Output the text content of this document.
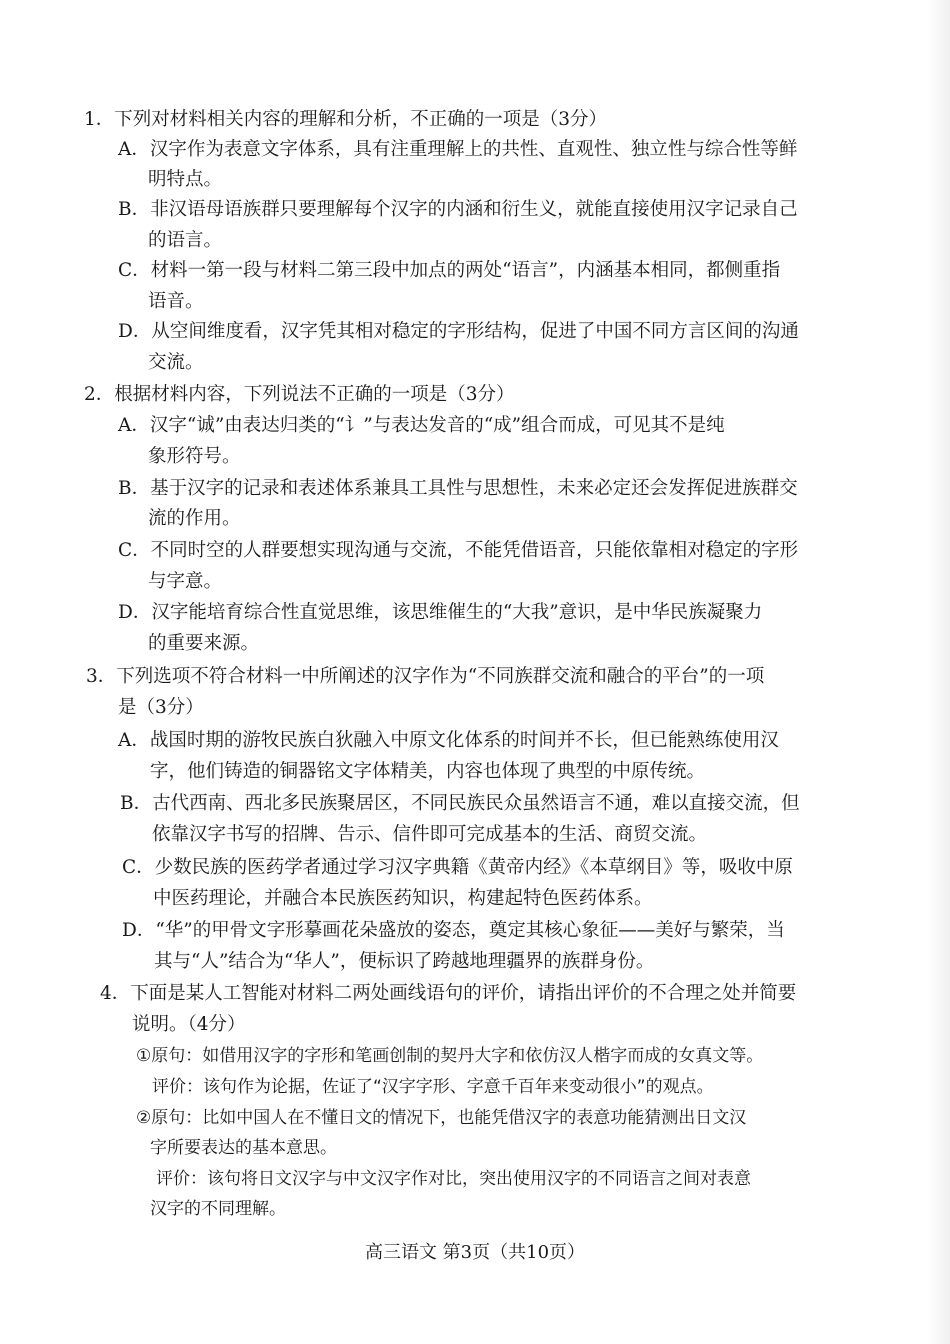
1．下列对材料相关内容的理解和分析，不正确的一项是（3分）
A．汉字作为表意文字体系，具有注重理解上的共性、直观性、独立性与综合性等鲜
明特点。
B．非汉语母语族群只要理解每个汉字的内涵和衍生义，就能直接使用汉字记录自己
的语言。
C．材料一第一段与材料二第三段中加点的两处“语言”，内涵基本相同，都侧重指
语音。
D．从空间维度看，汉字凭其相对稳定的字形结构，促进了中国不同方言区间的沟通
交流。
2．根据材料内容，下列说法不正确的一项是（3分）
A．汉字“诚”由表达归类的“讠”与表达发音的“成”组合而成，可见其不是纯
象形符号。
B．基于汉字的记录和表述体系兼具工具性与思想性，未来必定还会发挥促进族群交
流的作用。
C．不同时空的人群要想实现沟通与交流，不能凭借语音，只能依靠相对稳定的字形
与字意。
D．汉字能培育综合性直觉思维，该思维催生的“大我”意识，是中华民族凝聚力
的重要来源。
3．下列选项不符合材料一中所阐述的汉字作为“不同族群交流和融合的平台”的一项
是（3分）
A．战国时期的游牧民族白狄融入中原文化体系的时间并不长，但已能熟练使用汉
字，他们铸造的铜器铭文字体精美，内容也体现了典型的中原传统。
B．古代西南、西北多民族聚居区，不同民族民众虽然语言不通，难以直接交流，但
依靠汉字书写的招牌、告示、信件即可完成基本的生活、商贸交流。
C．少数民族的医药学者通过学习汉字典籍《黄帝内经》《本草纲目》等，吸收中原
中医药理论，并融合本民族医药知识，构建起特色医药体系。
D．“华”的甲骨文字形摹画花朵盛放的姿态，奠定其核心象征——美好与繁荣，当
其与“人”结合为“华人”，便标识了跨越地理疆界的族群身份。
4．下面是某人工智能对材料二两处画线语句的评价，请指出评价的不合理之处并简要
说明。（4分）
①原句：如借用汉字的字形和笔画创制的契丹大字和依仿汉人楷字而成的女真文等。
评价：该句作为论据，佐证了“汉字字形、字意千百年来变动很小”的观点。
②原句：比如中国人在不懂日文的情况下，也能凭借汉字的表意功能猜测出日文汉
字所要表达的基本意思。
评价：该句将日文汉字与中文汉字作对比，突出使用汉字的不同语言之间对表意
汉字的不同理解。
高三语文 第3页（共10页）
